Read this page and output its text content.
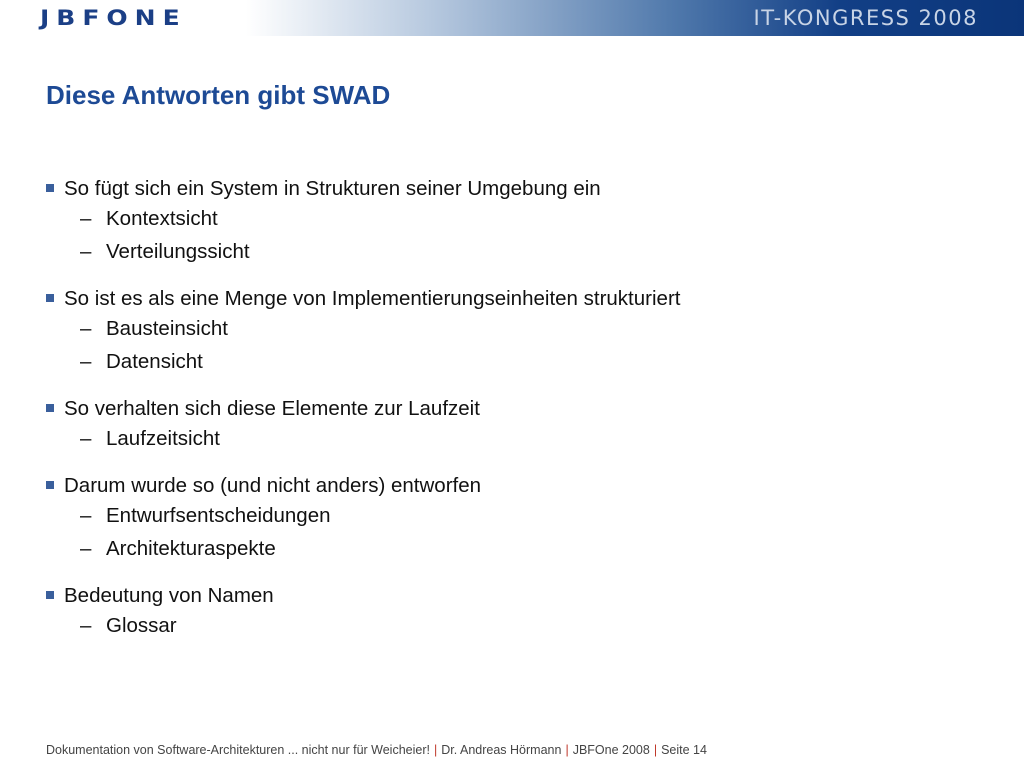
JBFONE	IT-KONGRESS 2008
Diese Antworten gibt SWAD
So fügt sich ein System in Strukturen seiner Umgebung ein
– Kontextsicht
– Verteilungssicht
So ist es als eine Menge von Implementierungseinheiten strukturiert
– Bausteinsicht
– Datensicht
So verhalten sich diese Elemente zur Laufzeit
– Laufzeitsicht
Darum wurde so (und nicht anders) entworfen
– Entwurfsentscheidungen
– Architekturaspekte
Bedeutung von Namen
– Glossar
Dokumentation von Software-Architekturen ... nicht nur für Weicheier! | Dr. Andreas Hörmann | JBFOne 2008 | Seite 14
